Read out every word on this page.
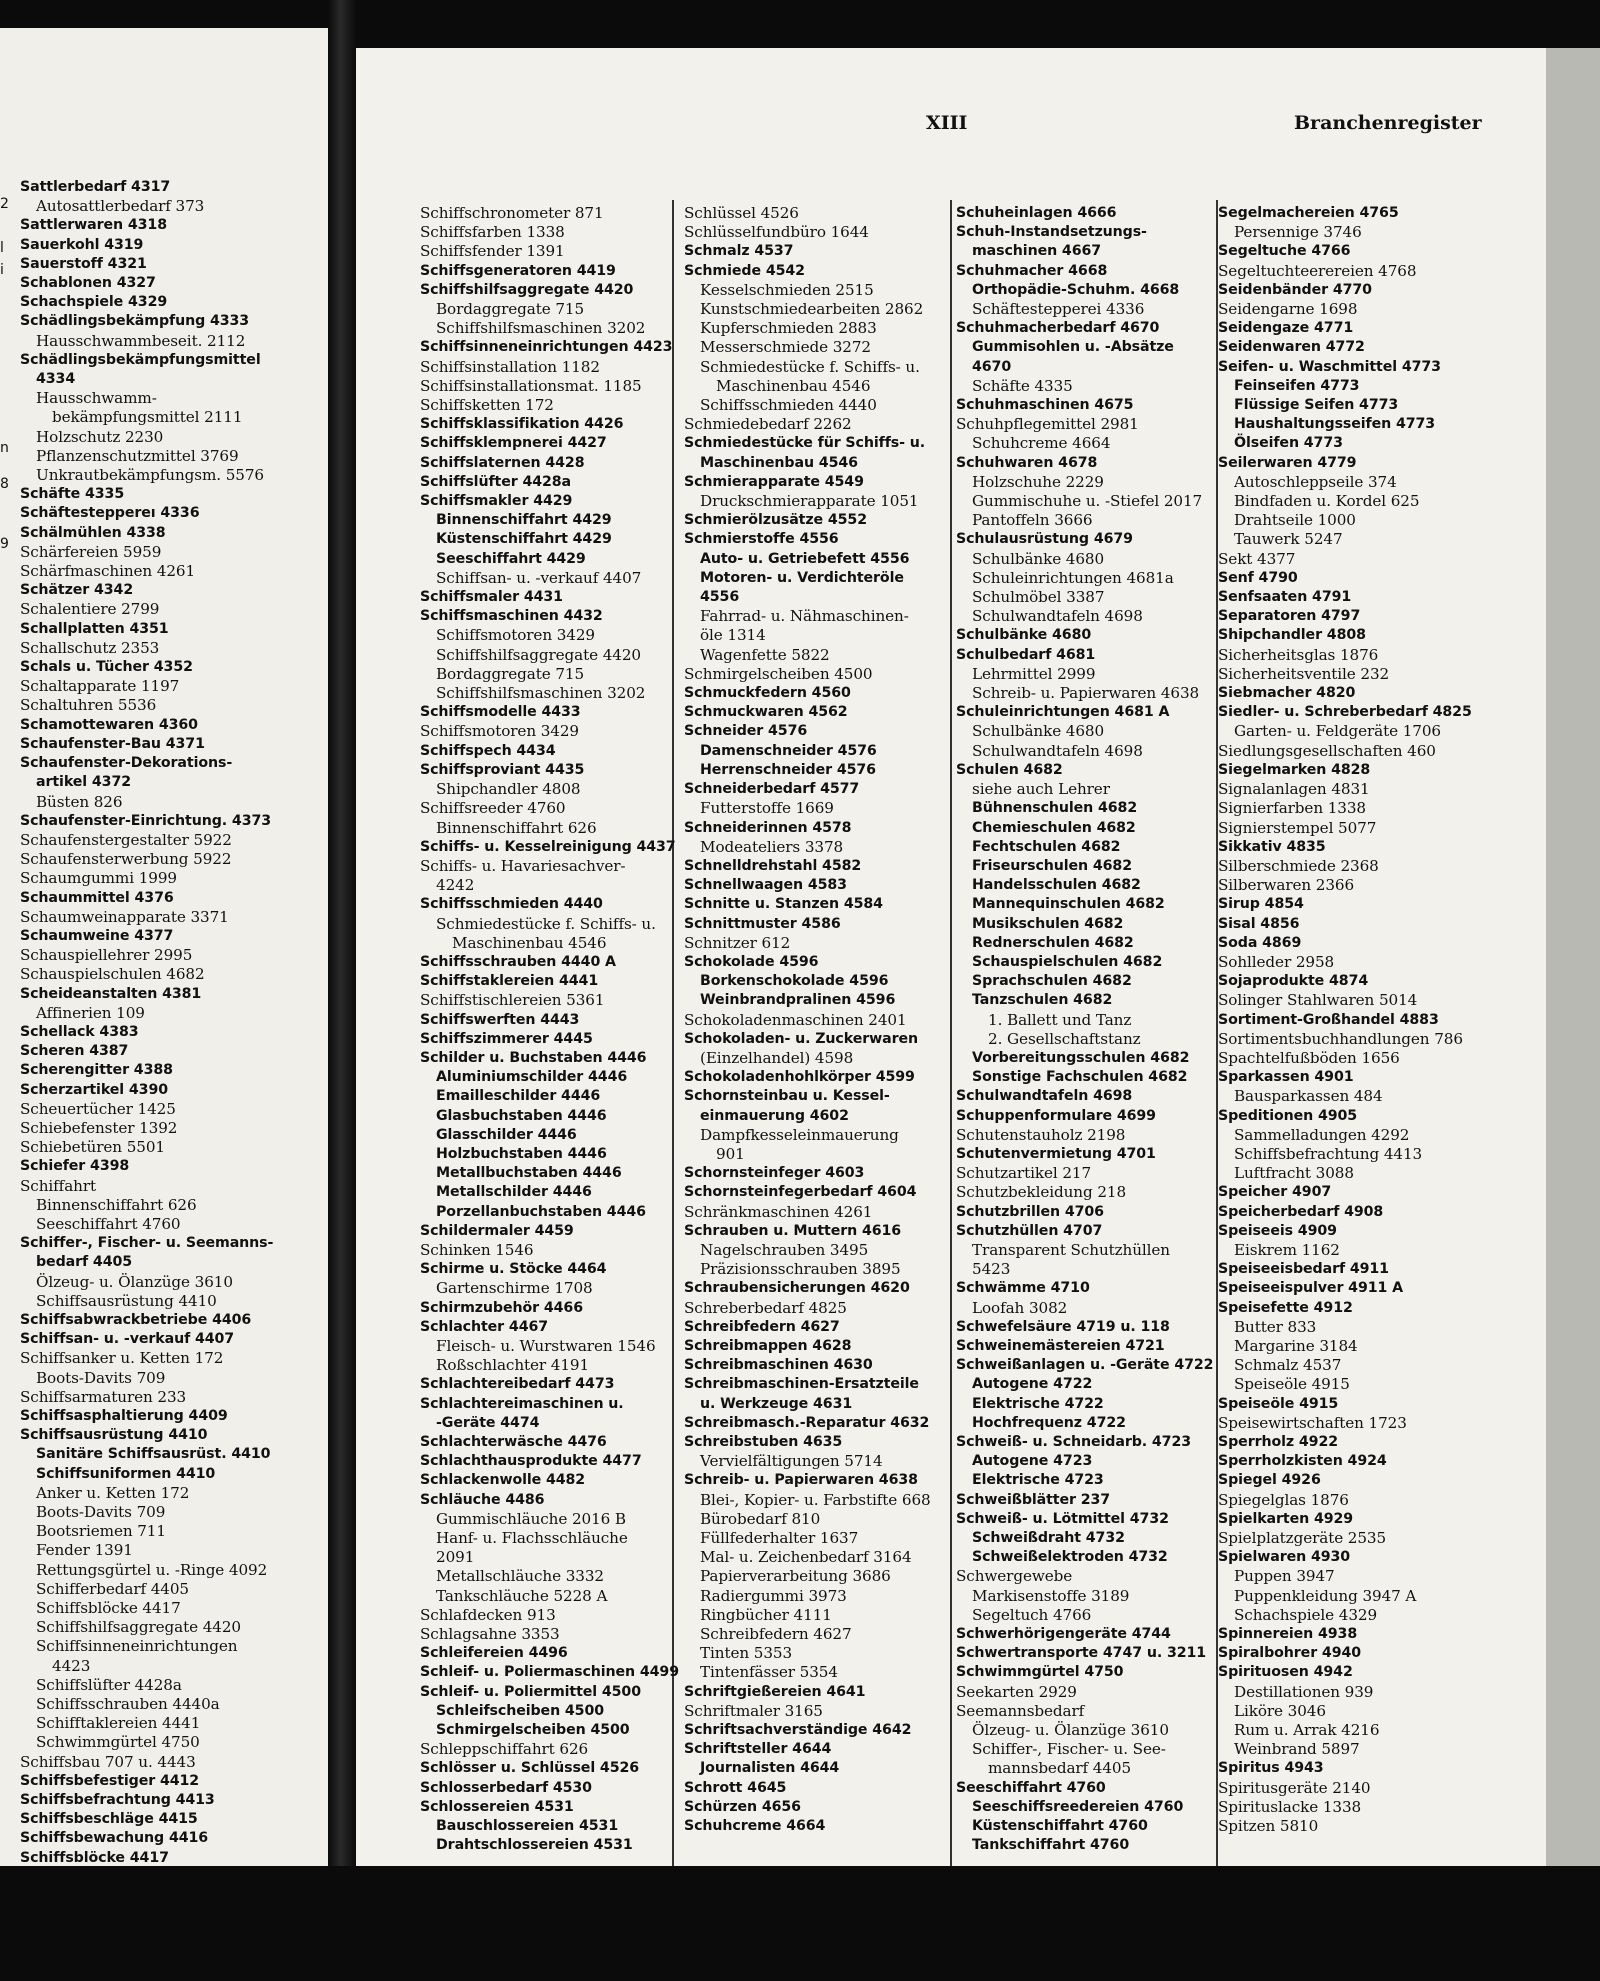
Sattlerbedarf 4317
Autosattlerbedarf 373
Sattlerwaren 4318
Sauerkohl 4319
Sauerstoff 4321
Schablonen 4327
Schachspiele 4329
Schädlingsbekämpfung 4333
Hausschwammbeseit. 2112
Schädlingsbekämpfungsmittel
4334
Hausschwamm-
bekämpfungsmittel 2111
Holzschutz 2230
Pflanzenschutzmittel 3769
Unkrautbekämpfungsm. 5576
Schäfte 4335
Schäftesteppereı 4336
Schälmühlen 4338
Schärfereien 5959
Schärfmaschinen 4261
Schätzer 4342
Schalentiere 2799
Schallplatten 4351
Schallschutz 2353
Schals u. Tücher 4352
Schaltapparate 1197
Schaltuhren 5536
Schamottewaren 4360
Schaufenster-Bau 4371
Schaufenster-Dekorations-
artikel 4372
Büsten 826
Schaufenster-Einrichtung. 4373
Schaufenstergestalter 5922
Schaufensterwerbung 5922
Schaumgummi 1999
Schaummittel 4376
Schaumweinapparate 3371
Schaumweine 4377
Schauspiellehrer 2995
Schauspielschulen 4682
Scheideanstalten 4381
Affinerien 109
Schellack 4383
Scheren 4387
Scherengitter 4388
Scherzartikel 4390
Scheuertücher 1425
Schiebefenster 1392
Schiebetüren 5501
Schiefer 4398
Schiffahrt
Binnenschiffahrt 626
Seeschiffahrt 4760
Schiffer-, Fischer- u. Seemanns-
bedarf 4405
Ölzeug- u. Ölanzüge 3610
Schiffsausrüstung 4410
Schiffsabwrackbetriebe 4406
Schiffsan- u. -verkauf 4407
Schiffsanker u. Ketten 172
Boots-Davits 709
Schiffsarmaturen 233
Schiffsasphaltierung 4409
Schiffsausrüstung 4410
Sanitäre Schiffsausrüst. 4410
Schiffsuniformen 4410
Anker u. Ketten 172
Boots-Davits 709
Bootsriemen 711
Fender 1391
Rettungsgürtel u. -Ringe 4092
Schifferbedarf 4405
Schiffsblöcke 4417
Schiffshilfsaggregate 4420
Schiffsinneneinrichtungen
4423
Schiffslüfter 4428a
Schiffsschrauben 4440a
Schifftaklereien 4441
Schwimmgürtel 4750
Schiffsbau 707 u. 4443
Schiffsbefestiger 4412
Schiffsbefrachtung 4413
Schiffsbeschläge 4415
Schiffsbewachung 4416
Schiffsblöcke 4417
2
l
i
n
8
9
XIII	Branchenregister
Schiffschronometer 871
Schiffsfarben 1338
Schiffsfender 1391
Schiffsgeneratoren 4419
Schiffshilfsaggregate 4420
Bordaggregate 715
Schiffshilfsmaschinen 3202
Schiffsinneneinrichtungen 4423
Schiffsinstallation 1182
Schiffsinstallationsmat. 1185
Schiffsketten 172
Schiffsklassifikation 4426
Schiffsklempnerei 4427
Schiffslaternen 4428
Schiffslüfter 4428a
Schiffsmakler 4429
Binnenschiffahrt 4429
Küstenschiffahrt 4429
Seeschiffahrt 4429
Schiffsan- u. -verkauf 4407
Schiffsmaler 4431
Schiffsmaschinen 4432
Schiffsmotoren 3429
Schiffshilfsaggregate 4420
Bordaggregate 715
Schiffshilfsmaschinen 3202
Schiffsmodelle 4433
Schiffsmotoren 3429
Schiffspech 4434
Schiffsproviant 4435
Shipchandler 4808
Schiffsreeder 4760
Binnenschiffahrt 626
Schiffs- u. Kesselreinigung 4437
Schiffs- u. Havariesachver-
4242
Schiffsschmieden 4440
Schmiedestücke f. Schiffs- u.
Maschinenbau 4546
Schiffsschrauben 4440 A
Schiffstaklereien 4441
Schiffstischlereien 5361
Schiffswerften 4443
Schiffszimmerer 4445
Schilder u. Buchstaben 4446
Aluminiumschilder 4446
Emailleschilder 4446
Glasbuchstaben 4446
Glasschilder 4446
Holzbuchstaben 4446
Metallbuchstaben 4446
Metallschilder 4446
Porzellanbuchstaben 4446
Schildermaler 4459
Schinken 1546
Schirme u. Stöcke 4464
Gartenschirme 1708
Schirmzubehör 4466
Schlachter 4467
Fleisch- u. Wurstwaren 1546
Roßschlachter 4191
Schlachtereibedarf 4473
Schlachtereimaschinen u.
-Geräte 4474
Schlachterwäsche 4476
Schlachthausprodukte 4477
Schlackenwolle 4482
Schläuche 4486
Gummischläuche 2016 B
Hanf- u. Flachsschläuche
2091
Metallschläuche 3332
Tankschläuche 5228 A
Schlafdecken 913
Schlagsahne 3353
Schleifereien 4496
Schleif- u. Poliermaschinen 4499
Schleif- u. Poliermittel 4500
Schleifscheiben 4500
Schmirgelscheiben 4500
Schleppschiffahrt 626
Schlösser u. Schlüssel 4526
Schlosserbedarf 4530
Schlossereien 4531
Bauschlossereien 4531
Drahtschlossereien 4531
Schlüssel 4526
Schlüsselfundbüro 1644
Schmalz 4537
Schmiede 4542
Kesselschmieden 2515
Kunstschmiedearbeiten 2862
Kupferschmieden 2883
Messerschmiede 3272
Schmiedestücke f. Schiffs- u.
Maschinenbau 4546
Schiffsschmieden 4440
Schmiedebedarf 2262
Schmiedestücke für Schiffs- u.
Maschinenbau 4546
Schmierapparate 4549
Druckschmierapparate 1051
Schmierölzusätze 4552
Schmierstoffe 4556
Auto- u. Getriebefett 4556
Motoren- u. Verdichteröle
4556
Fahrrad- u. Nähmaschinen-
öle 1314
Wagenfette 5822
Schmirgelscheiben 4500
Schmuckfedern 4560
Schmuckwaren 4562
Schneider 4576
Damenschneider 4576
Herrenschneider 4576
Schneiderbedarf 4577
Futterstoffe 1669
Schneiderinnen 4578
Modeateliers 3378
Schnelldrehstahl 4582
Schnellwaagen 4583
Schnitte u. Stanzen 4584
Schnittmuster 4586
Schnitzer 612
Schokolade 4596
Borkenschokolade 4596
Weinbrandpralinen 4596
Schokoladenmaschinen 2401
Schokoladen- u. Zuckerwaren
(Einzelhandel) 4598
Schokoladenhohlkörper 4599
Schornsteinbau u. Kessel-
einmauerung 4602
Dampfkesseleinmauerung
901
Schornsteinfeger 4603
Schornsteinfegerbedarf 4604
Schränkmaschinen 4261
Schrauben u. Muttern 4616
Nagelschrauben 3495
Präzisionsschrauben 3895
Schraubensicherungen 4620
Schreberbedarf 4825
Schreibfedern 4627
Schreibmappen 4628
Schreibmaschinen 4630
Schreibmaschinen-Ersatzteile
u. Werkzeuge 4631
Schreibmasch.-Reparatur 4632
Schreibstuben 4635
Vervielfältigungen 5714
Schreib- u. Papierwaren 4638
Blei-, Kopier- u. Farbstifte 668
Bürobedarf 810
Füllfederhalter 1637
Mal- u. Zeichenbedarf 3164
Papierverarbeitung 3686
Radiergummi 3973
Ringbücher 4111
Schreibfedern 4627
Tinten 5353
Tintenfässer 5354
Schriftgießereien 4641
Schriftmaler 3165
Schriftsachverständige 4642
Schriftsteller 4644
Journalisten 4644
Schrott 4645
Schürzen 4656
Schuhcreme 4664
Schuheinlagen 4666
Schuh-Instandsetzungs-
maschinen 4667
Schuhmacher 4668
Orthopädie-Schuhm. 4668
Schäftestepperei 4336
Schuhmacherbedarf 4670
Gummisohlen u. -Absätze
4670
Schäfte 4335
Schuhmaschinen 4675
Schuhpflegemittel 2981
Schuhcreme 4664
Schuhwaren 4678
Holzschuhe 2229
Gummischuhe u. -Stiefel 2017
Pantoffeln 3666
Schulausrüstung 4679
Schulbänke 4680
Schuleinrichtungen 4681a
Schulmöbel 3387
Schulwandtafeln 4698
Schulbänke 4680
Schulbedarf 4681
Lehrmittel 2999
Schreib- u. Papierwaren 4638
Schuleinrichtungen 4681 A
Schulbänke 4680
Schulwandtafeln 4698
Schulen 4682
siehe auch Lehrer
Bühnenschulen 4682
Chemieschulen 4682
Fechtschulen 4682
Friseurschulen 4682
Handelsschulen 4682
Mannequinschulen 4682
Musikschulen 4682
Rednerschulen 4682
Schauspielschulen 4682
Sprachschulen 4682
Tanzschulen 4682
1. Ballett und Tanz
2. Gesellschaftstanz
Vorbereitungsschulen 4682
Sonstige Fachschulen 4682
Schulwandtafeln 4698
Schuppenformulare 4699
Schutenstauholz 2198
Schutenvermietung 4701
Schutzartikel 217
Schutzbekleidung 218
Schutzbrillen 4706
Schutzhüllen 4707
Transparent Schutzhüllen
5423
Schwämme 4710
Loofah 3082
Schwefelsäure 4719 u. 118
Schweinemästereien 4721
Schweißanlagen u. -Geräte 4722
Autogene 4722
Elektrische 4722
Hochfrequenz 4722
Schweiß- u. Schneidarb. 4723
Autogene 4723
Elektrische 4723
Schweißblätter 237
Schweiß- u. Lötmittel 4732
Schweißdraht 4732
Schweißelektroden 4732
Schwergewebe
Markisenstoffe 3189
Segeltuch 4766
Schwerhörigengeräte 4744
Schwertransporte 4747 u. 3211
Schwimmgürtel 4750
Seekarten 2929
Seemannsbedarf
Ölzeug- u. Ölanzüge 3610
Schiffer-, Fischer- u. See-
mannsbedarf 4405
Seeschiffahrt 4760
Seeschiffsreedereien 4760
Küstenschiffahrt 4760
Tankschiffahrt 4760
Segelmachereien 4765
Persennige 3746
Segeltuche 4766
Segeltuchteerereien 4768
Seidenbänder 4770
Seidengarne 1698
Seidengaze 4771
Seidenwaren 4772
Seifen- u. Waschmittel 4773
Feinseifen 4773
Flüssige Seifen 4773
Haushaltungsseifen 4773
Ölseifen 4773
Seilerwaren 4779
Autoschleppseile 374
Bindfaden u. Kordel 625
Drahtseile 1000
Tauwerk 5247
Sekt 4377
Senf 4790
Senfsaaten 4791
Separatoren 4797
Shipchandler 4808
Sicherheitsglas 1876
Sicherheitsventile 232
Siebmacher 4820
Siedler- u. Schreberbedarf 4825
Garten- u. Feldgeräte 1706
Siedlungsgesellschaften 460
Siegelmarken 4828
Signalanlagen 4831
Signierfarben 1338
Signierstempel 5077
Sikkativ 4835
Silberschmiede 2368
Silberwaren 2366
Sirup 4854
Sisal 4856
Soda 4869
Sohlleder 2958
Sojaprodukte 4874
Solinger Stahlwaren 5014
Sortiment-Großhandel 4883
Sortimentsbuchhandlungen 786
Spachtelfußböden 1656
Sparkassen 4901
Bausparkassen 484
Speditionen 4905
Sammelladungen 4292
Schiffsbefrachtung 4413
Luftfracht 3088
Speicher 4907
Speicherbedarf 4908
Speiseeis 4909
Eiskrem 1162
Speiseeisbedarf 4911
Speiseeispulver 4911 A
Speisefette 4912
Butter 833
Margarine 3184
Schmalz 4537
Speiseöle 4915
Speiseöle 4915
Speisewirtschaften 1723
Sperrholz 4922
Sperrholzkisten 4924
Spiegel 4926
Spiegelglas 1876
Spielkarten 4929
Spielplatzgeräte 2535
Spielwaren 4930
Puppen 3947
Puppenkleidung 3947 A
Schachspiele 4329
Spinnereien 4938
Spiralbohrer 4940
Spirituosen 4942
Destillationen 939
Liköre 3046
Rum u. Arrak 4216
Weinbrand 5897
Spiritus 4943
Spiritusgeräte 2140
Spirituslacke 1338
Spitzen 5810
